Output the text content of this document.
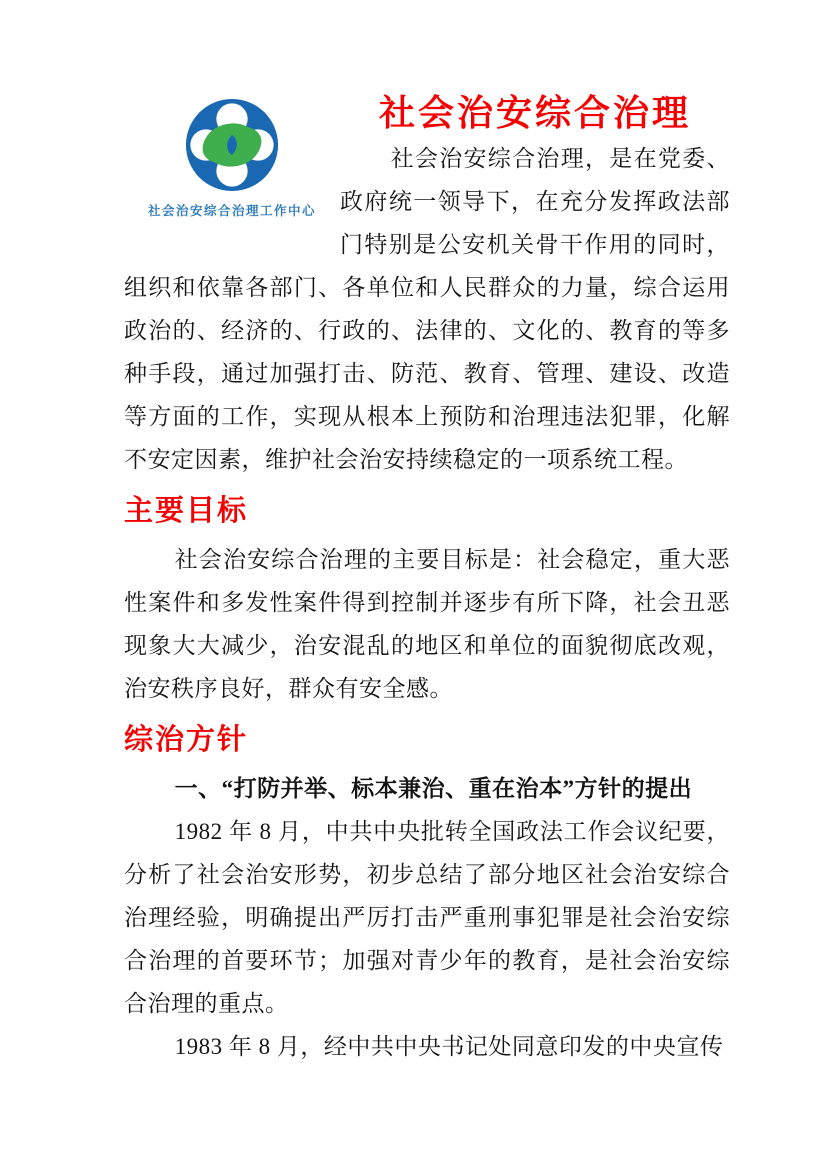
社会治安综合治理工作中心
社会治安综合治理

社会治安综合治理，是在党委、政府统一领导下，在充分发挥政法部门特别是公安机关骨干作用的同时，组织和依靠各部门、各单位和人民群众的力量，综合运用政治的、经济的、行政的、法律的、文化的、教育的等多种手段，通过加强打击、防范、教育、管理、建设、改造等方面的工作，实现从根本上预防和治理违法犯罪，化解不安定因素，维护社会治安持续稳定的一项系统工程。

主要目标

社会治安综合治理的主要目标是：社会稳定，重大恶性案件和多发性案件得到控制并逐步有所下降，社会丑恶现象大大减少，治安混乱的地区和单位的面貌彻底改观，治安秩序良好，群众有安全感。

综治方针

一、“打防并举、标本兼治、重在治本”方针的提出

1982 年 8 月，中共中央批转全国政法工作会议纪要，分析了社会治安形势，初步总结了部分地区社会治安综合治理经验，明确提出严厉打击严重刑事犯罪是社会治安综合治理的首要环节；加强对青少年的教育，是社会治安综合治理的重点。

1983 年 8 月，经中共中央书记处同意印发的中央宣传
